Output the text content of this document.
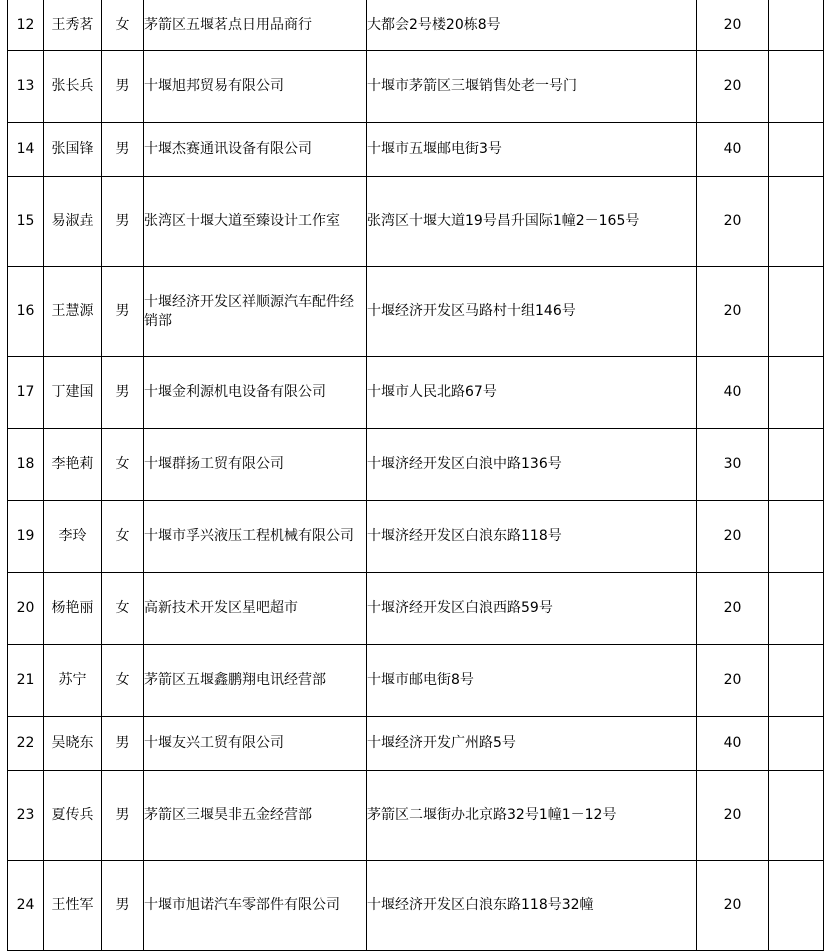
12	王秀茗	女	茅箭区五堰茗点日用品商行	大都会2号楼20栋8号	20	
13	张长兵	男	十堰旭邦贸易有限公司	十堰市茅箭区三堰销售处老一号门	20	
14	张国锋	男	十堰杰赛通讯设备有限公司	十堰市五堰邮电街3号	40	
15	易淑垚	男	张湾区十堰大道至臻设计工作室	张湾区十堰大道19号昌升国际1幢2－165号	20	
16	王慧源	男	十堰经济开发区祥顺源汽车配件经销部	十堰经济开发区马路村十组146号	20	
17	丁建国	男	十堰金利源机电设备有限公司	十堰市人民北路67号	40	
18	李艳莉	女	十堰群扬工贸有限公司	十堰济经开发区白浪中路136号	30	
19	李玲	女	十堰市孚兴液压工程机械有限公司	十堰济经开发区白浪东路118号	20	
20	杨艳丽	女	高新技术开发区星吧超市	十堰济经开发区白浪西路59号	20	
21	苏宁	女	茅箭区五堰鑫鹏翔电讯经营部	十堰市邮电街8号	20	
22	吴晓东	男	十堰友兴工贸有限公司	十堰经济开发广州路5号	40	
23	夏传兵	男	茅箭区三堰昊非五金经营部	茅箭区二堰街办北京路32号1幢1－12号	20	
24	王性军	男	十堰市旭诺汽车零部件有限公司	十堰经济开发区白浪东路118号32幢	20	
